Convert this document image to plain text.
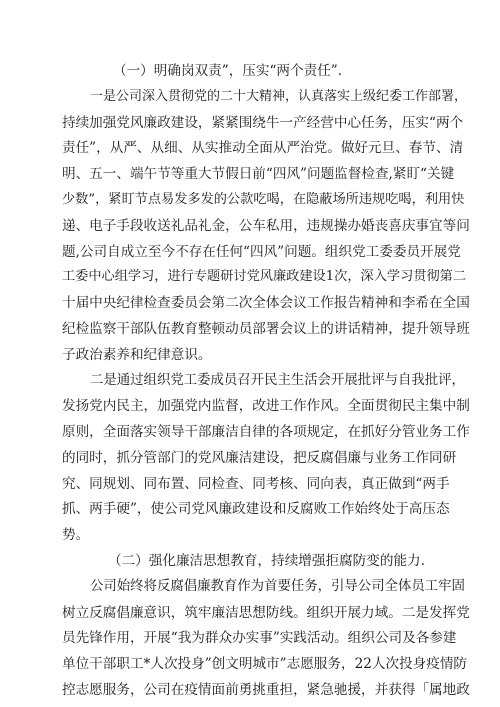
（一）明确岗双责”，压实“两个责任”．
一是公司深入贯彻党的二十大精神，认真落实上级纪委工作部署，
持续加强党风廉政建设，紧紧围绕牛一产经营中心任务，压实“两个
责任”，从严、从细、从实推动全面从严治党。做好元旦、春节、清
明、五一、端午节等重大节假日前“四风”问题监督检查,紧盯“关键
少数”，紧盯节点易发多发的公款吃喝，在隐蔽场所违规吃喝，利用快
递、电子手段收送礼品礼金，公车私用，违规操办婚丧喜庆事宜等问
题,公司自成立至今不存在任何“四风”问题。组织党工委委员开展党
工委中心组学习，进行专题研讨党风廉政建设1次，深入学习贯彻第二
十届中央纪律检查委员会第二次全体会议工作报告精神和李希在全国
纪检监察干部队伍教育整顿动员部署会议上的讲话精神，提升领导班
子政治素养和纪律意识。
二是通过组织党工委成员召开民主生活会开展批评与自我批评，
发扬党内民主，加强党内监督，改进工作作风。全面贯彻民主集中制
原则，全面落实领导干部廉洁自律的各项规定，在抓好分管业务工作
的同时，抓分管部门的党风廉洁建设，把反腐倡廉与业务工作同研
究、同规划、同布置、同检查、同考核、同向表，真正做到“两手
抓、两手硬”，使公司党风廉政建设和反腐败工作始终处于高压态
势。
（二）强化廉洁思想教育，持续增强拒腐防变的能力.
公司始终将反腐倡廉教育作为首要任务，引导公司全体员工牢固
树立反腐倡廉意识，筑牢廉洁思想防线。组织开展力域。二是发挥党
员先锋作用，开展“我为群众办实事”实践活动。组织公司及各参建
单位干部职工*人次投身”创文明城市”志愿服务，22人次投身疫情防
控志愿服务，公司在疫情面前勇挑重担，紧急驰援，并获得「属地政
